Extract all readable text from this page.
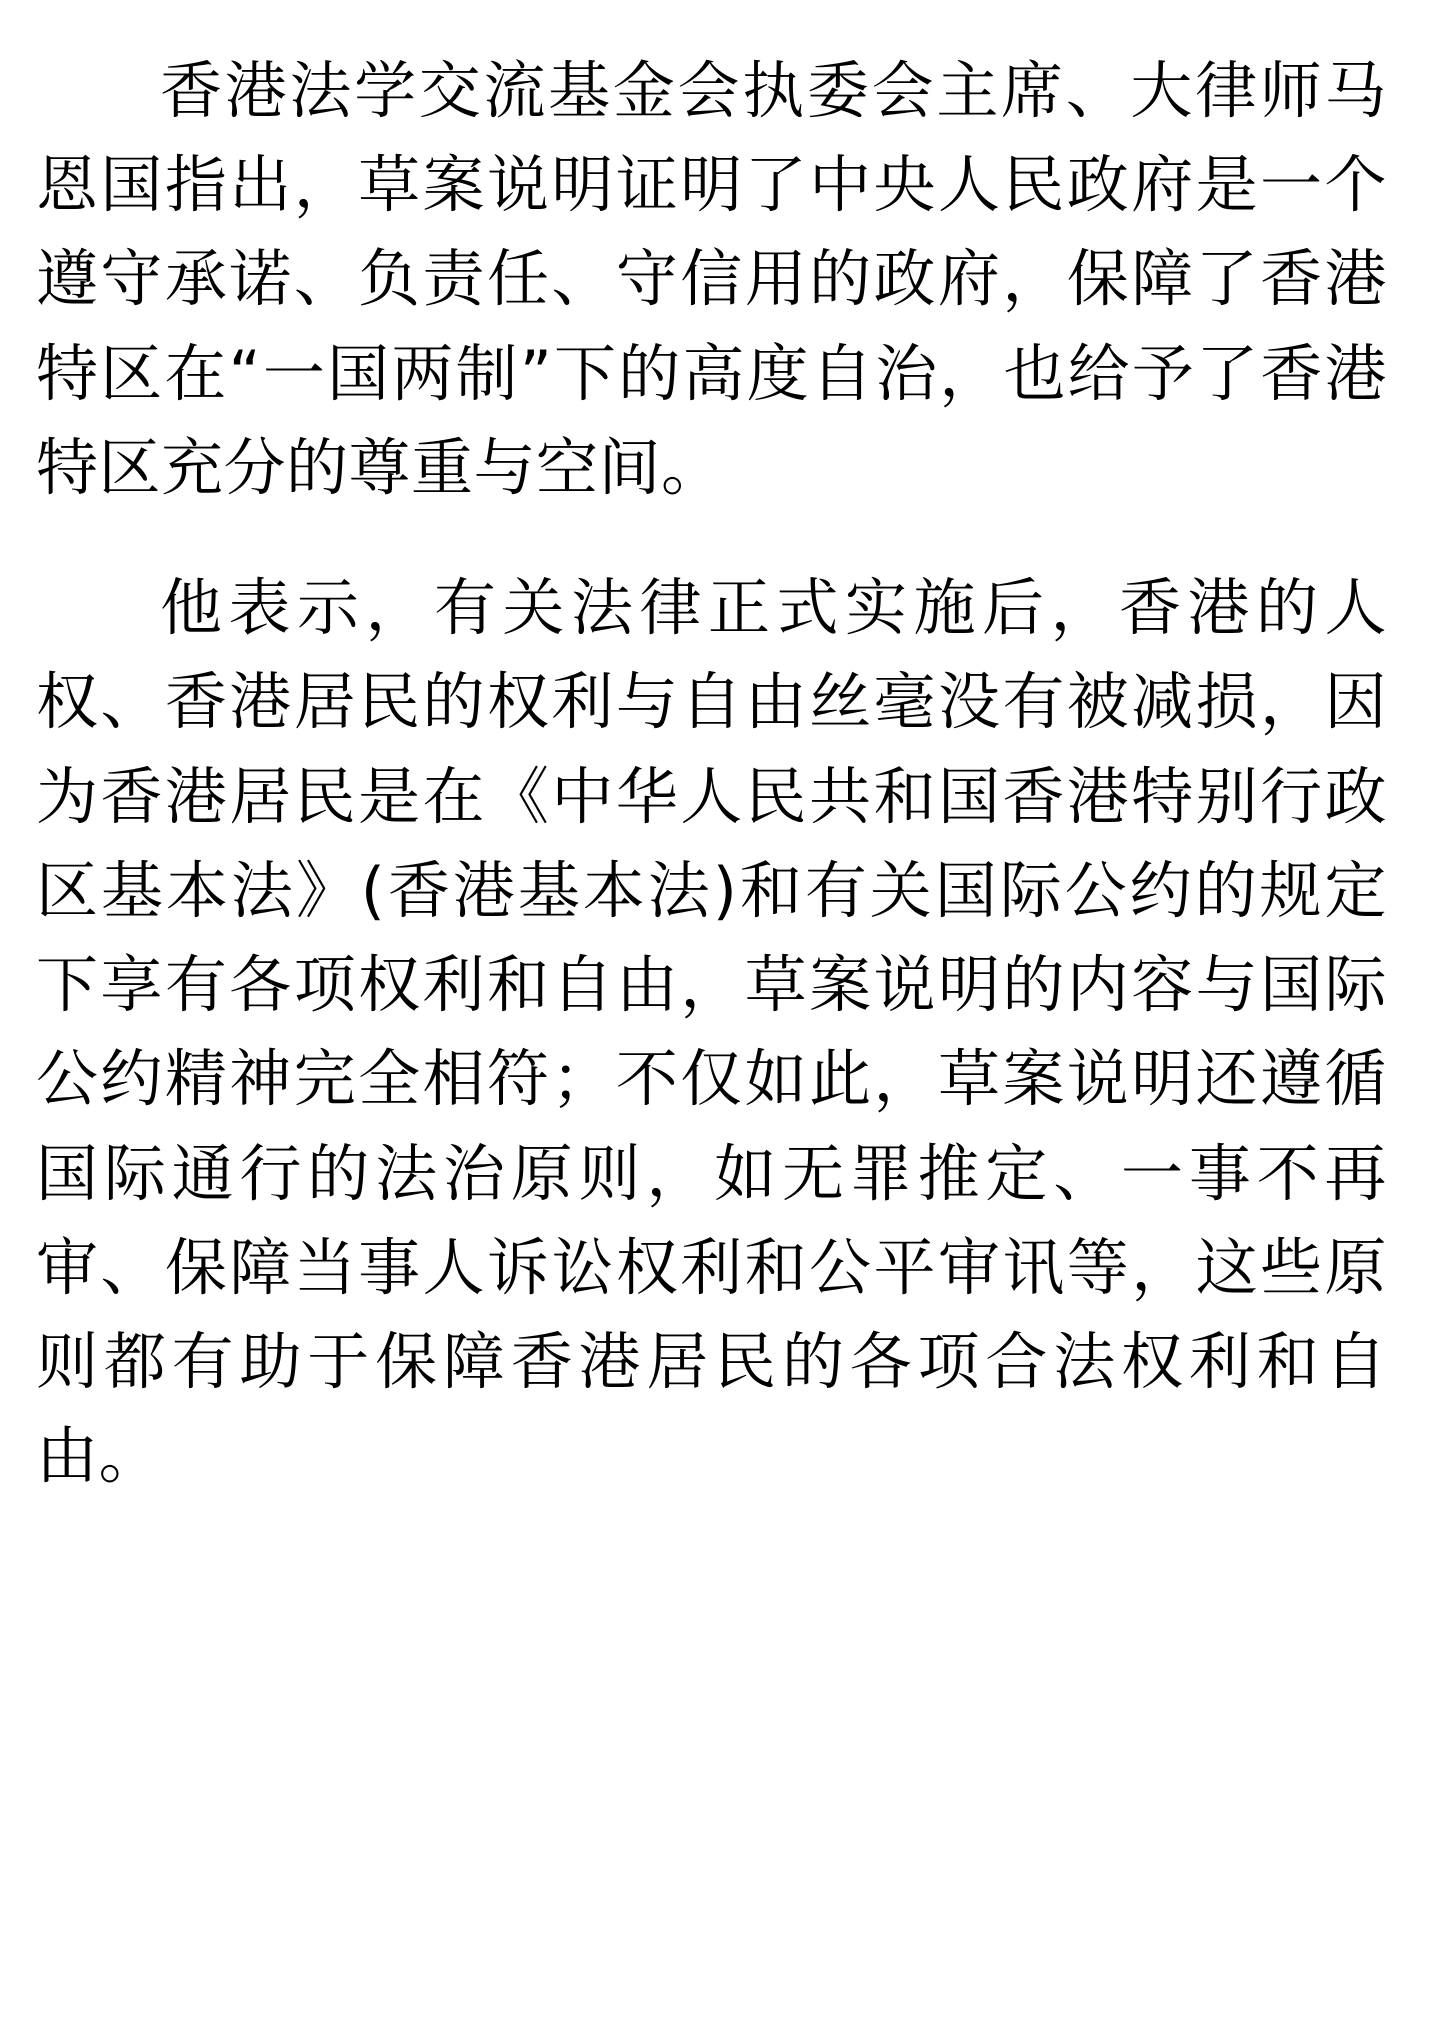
香港法学交流基金会执委会主席、大律师马恩国指出，草案说明证明了中央人民政府是一个遵守承诺、负责任、守信用的政府，保障了香港特区在“一国两制”下的高度自治，也给予了香港特区充分的尊重与空间。

他表示，有关法律正式实施后，香港的人权、香港居民的权利与自由丝毫没有被减损，因为香港居民是在《中华人民共和国香港特别行政区基本法》(香港基本法)和有关国际公约的规定下享有各项权利和自由，草案说明的内容与国际公约精神完全相符；不仅如此，草案说明还遵循国际通行的法治原则，如无罪推定、一事不再审、保障当事人诉讼权利和公平审讯等，这些原则都有助于保障香港居民的各项合法权利和自由。
